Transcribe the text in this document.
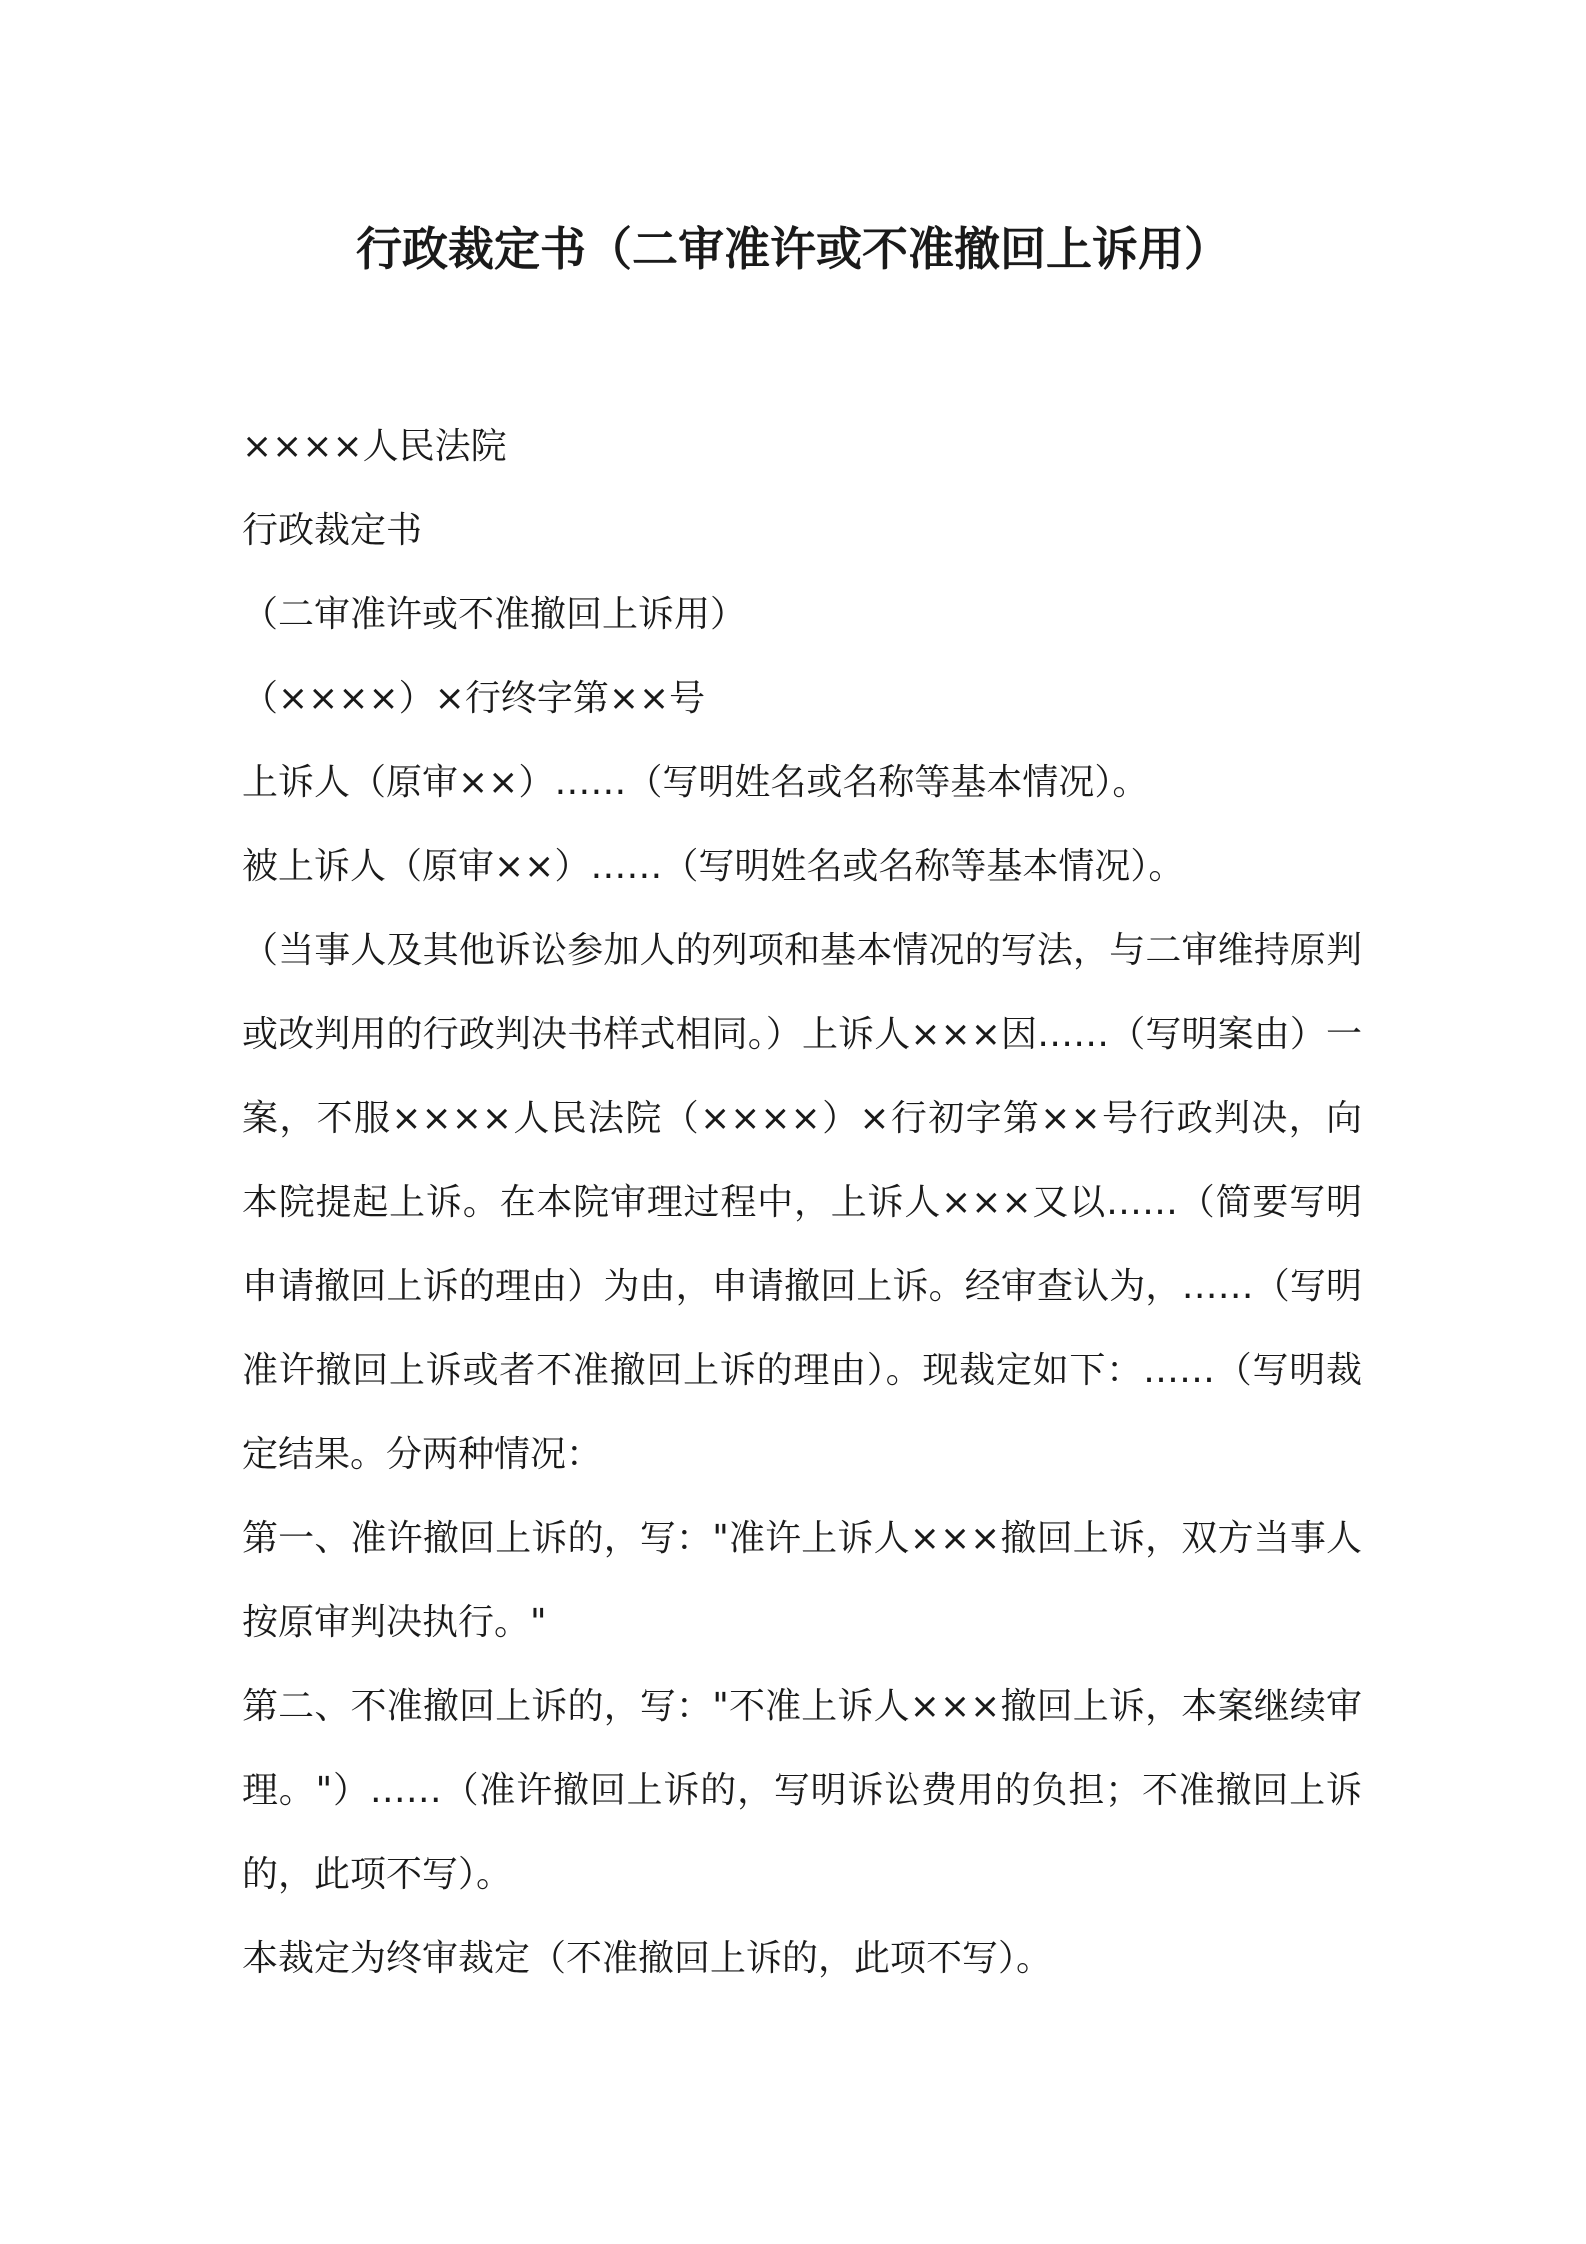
行政裁定书（二审准许或不准撤回上诉用）

××××人民法院

行政裁定书

（二审准许或不准撤回上诉用）

（××××）×行终字第××号

上诉人（原审××）……（写明姓名或名称等基本情况）。

被上诉人（原审××）……（写明姓名或名称等基本情况）。

（当事人及其他诉讼参加人的列项和基本情况的写法，与二审维持原判或改判用的行政判决书样式相同。）上诉人×××因……（写明案由）一案，不服××××人民法院（××××）×行初字第××号行政判决，向本院提起上诉。在本院审理过程中，上诉人×××又以……（简要写明申请撤回上诉的理由）为由，申请撤回上诉。经审查认为，……（写明准许撤回上诉或者不准撤回上诉的理由）。现裁定如下：……（写明裁定结果。分两种情况：

第一、准许撤回上诉的，写："准许上诉人×××撤回上诉，双方当事人按原审判决执行。"

第二、不准撤回上诉的，写："不准上诉人×××撤回上诉，本案继续审理。"）……（准许撤回上诉的，写明诉讼费用的负担；不准撤回上诉的，此项不写）。

本裁定为终审裁定（不准撤回上诉的，此项不写）。
